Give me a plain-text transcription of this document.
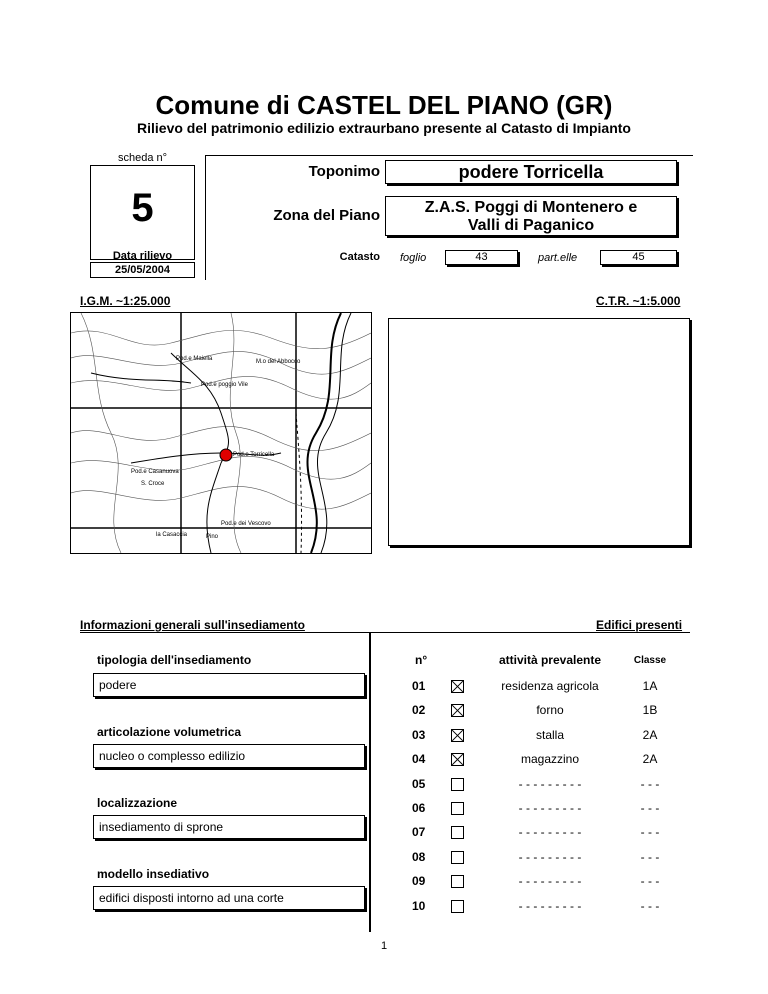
Comune di CASTEL DEL PIANO (GR)
Rilievo del patrimonio edilizio extraurbano presente al Catasto di Impianto
scheda n°
5
Data rilievo
25/05/2004
Toponimo	podere Torricella
Zona del Piano	Z.A.S. Poggi di Montenero e
Valli di Paganico
Catasto foglio	43	part.elle	45
I.G.M. ~1:25.000	C.T.R. ~1:5.000
Pod.e Maiella	M.o del Abbocco
Pod.e poggio Vile
Pod.e Torricella
Pod.e Casanuova
S. Croce
Pod.e dei Vescovo
la Casaccia	Pino
Informazioni generali sull'insediamento	Edifici presenti
tipologia dell'insediamento
podere
articolazione volumetrica
nucleo o complesso edilizio
localizzazione
insediamento di sprone
modello insediativo
edifici disposti intorno ad una corte
n°	attività prevalente	Classe
01	residenza agricola	1A
02	forno	1B
03	stalla	2A
04	magazzino	2A
05	- - - - - - - - -	- - -
06	- - - - - - - - -	- - -
07	- - - - - - - - -	- - -
08	- - - - - - - - -	- - -
09	- - - - - - - - -	- - -
10	- - - - - - - - -	- - -
1
